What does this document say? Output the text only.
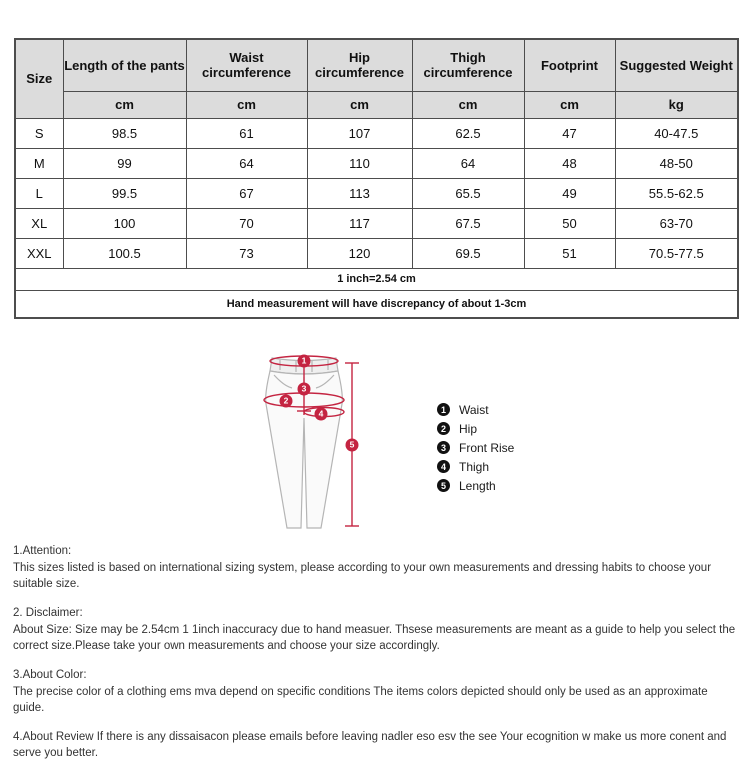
Size	Length of the pants	Waist circumference	Hip circumference	Thigh circumference	Footprint	Suggested Weight
	cm	cm	cm	cm	cm	kg
S	98.5	61	107	62.5	47	40-47.5
M	99	64	110	64	48	48-50
L	99.5	67	113	65.5	49	55.5-62.5
XL	100	70	117	67.5	50	63-70
XXL	100.5	73	120	69.5	51	70.5-77.5
1 inch=2.54 cm						
Hand measurement will have discrepancy of about 1-3cm						
1
3
2
4
5
1	Waist
2	Hip
3	Front Rise
4	Thigh
5	Length
1.Attention:
This sizes listed is based on international sizing system, please according to your own measurements and dressing habits to choose your suitable size.
2. Disclaimer:
About Size: Size may be 2.54cm 1 1inch inaccuracy due to hand measuer. Thsese measurements are meant as a guide to help you select the correct size.Please take your own measurements and choose your size accordingly.
3.About Color:
The precise color of a clothing ems mva depend on specific conditions The items colors depicted should only be used as an approximate guide.
4.About Review If there is any dissaisacon please emails before leaving nadler eso esv the see Your ecognition w make us more conent and serve you better.
